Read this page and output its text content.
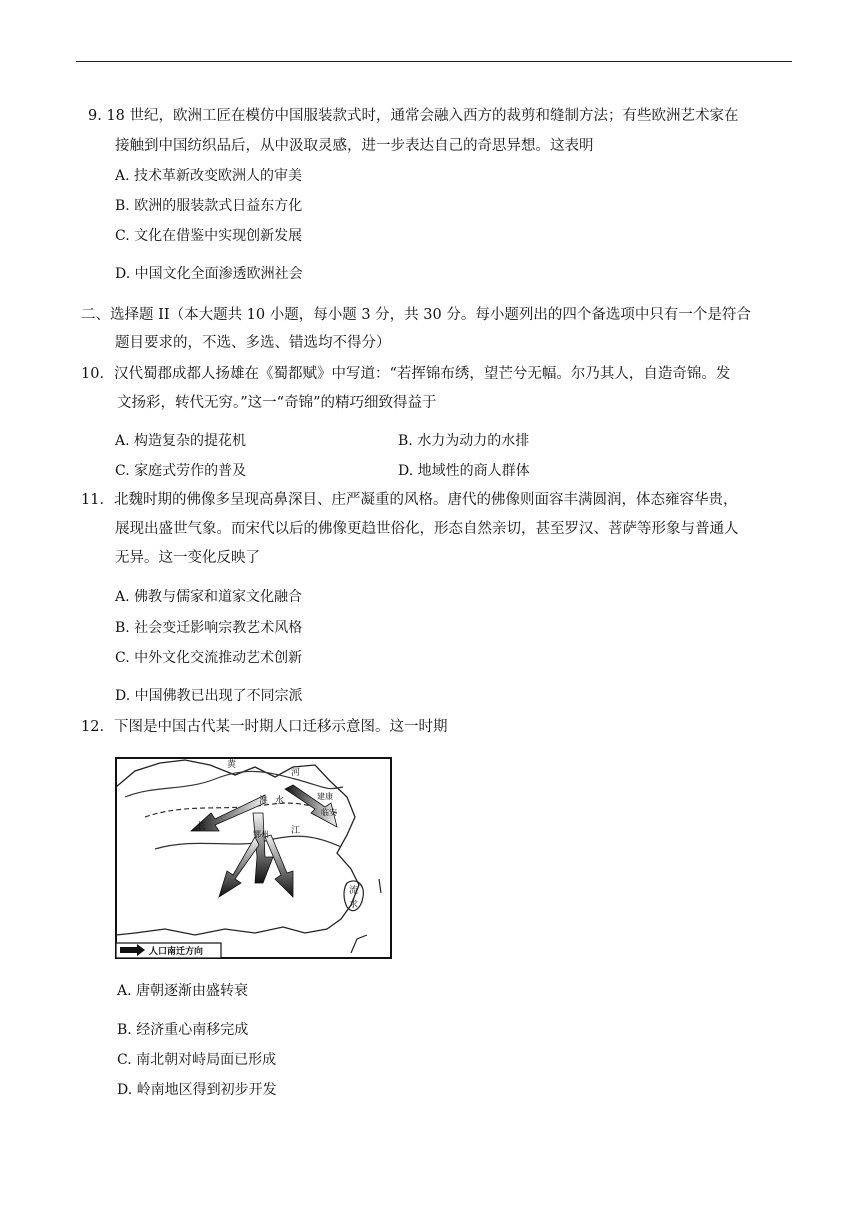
9. 18 世纪，欧洲工匠在模仿中国服装款式时，通常会融入西方的裁剪和缝制方法；有些欧洲艺术家在
接触到中国纺织品后，从中汲取灵感，进一步表达自己的奇思异想。这表明
A. 技术革新改变欧洲人的审美
B. 欧洲的服装款式日益东方化
C. 文化在借鉴中实现创新发展
D. 中国文化全面渗透欧洲社会
二、选择题 II（本大题共 10 小题，每小题 3 分，共 30 分。每小题列出的四个备选项中只有一个是符合
题目要求的，不选、多选、错选均不得分）
10．汉代蜀郡成都人扬雄在《蜀都赋》中写道：“若挥锦布绣，望芒兮无幅。尔乃其人，自造奇锦。发
文扬彩，转代无穷。”这一“奇锦”的精巧细致得益于
A. 构造复杂的提花机	B. 水力为动力的水排
C. 家庭式劳作的普及	D. 地域性的商人群体
11．北魏时期的佛像多呈现高鼻深目、庄严凝重的风格。唐代的佛像则面容丰满圆润，体态雍容华贵，
展现出盛世气象。而宋代以后的佛像更趋世俗化，形态自然亲切，甚至罗汉、菩萨等形象与普通人
无异。这一变化反映了
A. 佛教与儒家和道家文化融合
B. 社会变迁影响宗教艺术风格
C. 中外文化交流推动艺术创新
D. 中国佛教已出现了不同宗派
12．下图是中国古代某一时期人口迁移示意图。这一时期
黄
河
淮 水	建康
临安
长	江
鄂州
流
求
人口南迁方向
A. 唐朝逐渐由盛转衰
B. 经济重心南移完成
C. 南北朝对峙局面已形成
D. 岭南地区得到初步开发
